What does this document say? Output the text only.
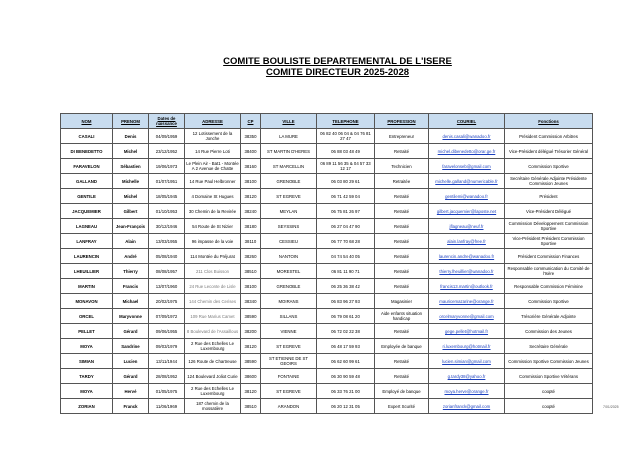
COMITE BOULISTE DEPARTEMENTAL DE L'ISERE
COMITE DIRECTEUR 2025-2028
NOM	PRENOM	Dates de naissance	ADRESSE	CP	VILLE	TELEPHONE	PROFESSION	COURIEL	Fonctions
CASALI	Denis	04/09/1959	12 Lotissement de la Jonche	38350	LA MURE	06 82 40 06 04 & 04 76 81 27 47	Entrepreneur	denis.casali@wanadoo.fr	Président Commission Arbitres
DI BENEDETTO	Michel	23/12/1952	14 Rue Pierre Loti	38400	ST MARTIN D'HERES	06 88 03 48 49	Retraité	michel.dibenedetto@orar.ge.fr	Vice-Président délégué Trésorier Général
FARAVELON	Sébastien	19/06/1973	Le Plein Air - Bat1 - Montée A 2 Avenue de Chatte	38160	ST MARCELLIN	06 89 11 56 35 & 04 57 33 12 17	Technicien	faravelonseb@gmail.com	Commission Sportive
GALLAND	Michelle	01/07/1951	14 Rue Paul Helbronner	38100	GRENOBLE	06 03 80 29 61	Retraitée	michelle.galland@numericable.fr	Secrétaire Générale Adjointe Présidente Commission Jeunes
GENTILE	Michel	18/05/1945	4 Domaine St Hugues	38120	ST EGREVE	06 71 42 59 04	Retraité	gentilemi@wanadoo.fr	Président
JACQUEMIER	Gilbert	01/10/1953	30 Chemin de la Revirée	38240	MEYLAN	06 75 81 26 97	Retraité	gilbert.jacquemier@laposte.net	Vice-Président Délégué
LAGNEAU	Jean-François	30/12/1946	54 Route de St Nizier	38180	SEYSSINS	06 27 04 47 90	Retraité	jflagneau@neuf.fr	Commission Développement Commission Sportive
LANFRAY	Alain	13/03/1955	96 impasse de la voie	38110	CESSIEU	06 77 70 68 28	Retraité	alain.lanfray@free.fr	Vice-Président Président Commission Sportive
LAURENCIN	André	05/08/1940	114 Montée du Préjurat	38260	NANTOIN	04 74 54 40 05	Retraité	laurencin.andre@wanadoo.fr	Président Commission Finances
LHEUILLIER	Thierry	08/08/1957	211 Clos Buisson	38510	MORESTEL	06 81 11 90 71	Retraité	thierry.lheuillier@wanadoo.fr	Responsable communication du Comité de l'Isère
MARTIN	Francis	13/07/1960	24 Rue Leconte de Lisle	38100	GRENOBLE	06 25 36 38 42	Retraité	francis13.martin@outlook.fr	Responsable Commission Féminine
MONAVON	Michael	20/02/1975	144 Chemin des Cerises	38340	MOIRANS	06 83 96 27 93	Magasinier	mauricemazarine@orange.fr	Commission Sportive
ORCEL	Maryvonne	07/09/1972	109 Rue Marius Camet	38590	SILLANS	06 79 08 61 20	Aide enfants situation handicap	orcelmaryvonne@gmail.com	Trésorière Générale Adjointe
PELLET	Gérard	09/06/1955	8 Boulevard de l'Assaillous	38200	VIENNE	06 72 02 22 38	Retraité	gege.pellet@hotmail.fr	Commission des Jeunes
MOYA	Sandrine	09/03/1979	2 Rue des Echelles Le Luxembourg	38120	ST EGREVE	06 48 17 59 93	Employée de banque	ri.luxembourg@hotmail.fr	Secrétaire Générale
SIMIAN	Lucien	13/11/1944	126 Route de Chartreuse	38590	ST ETIENNE DE ST GEOIRS	06 62 60 99 61	Retraité	lucien.simian@gmail.com	Commission Sportive Commission Jeunes
TARDY	Gérard	28/08/1952	124 Boulevard Joliot Curie	38600	FONTAINE	06 30 90 59 48	Retraité	g.tardy38@yahoo.fr	Commission Sportive Vétérans
MOYA	Hervé	01/05/1975	2 Rue des Echelles Le Luxembourg	38120	ST EGREVE	06 33 76 21 00	Employé de banque	moya.herve@orange.fr	coopté
ZORIAN	Franck	11/06/1969	187 chemin de la mossatière	38510	ARANDON	06 20 12 31 05	Expert Scurité	zorianfranck@gmail.com	coopté	7/01/2025
